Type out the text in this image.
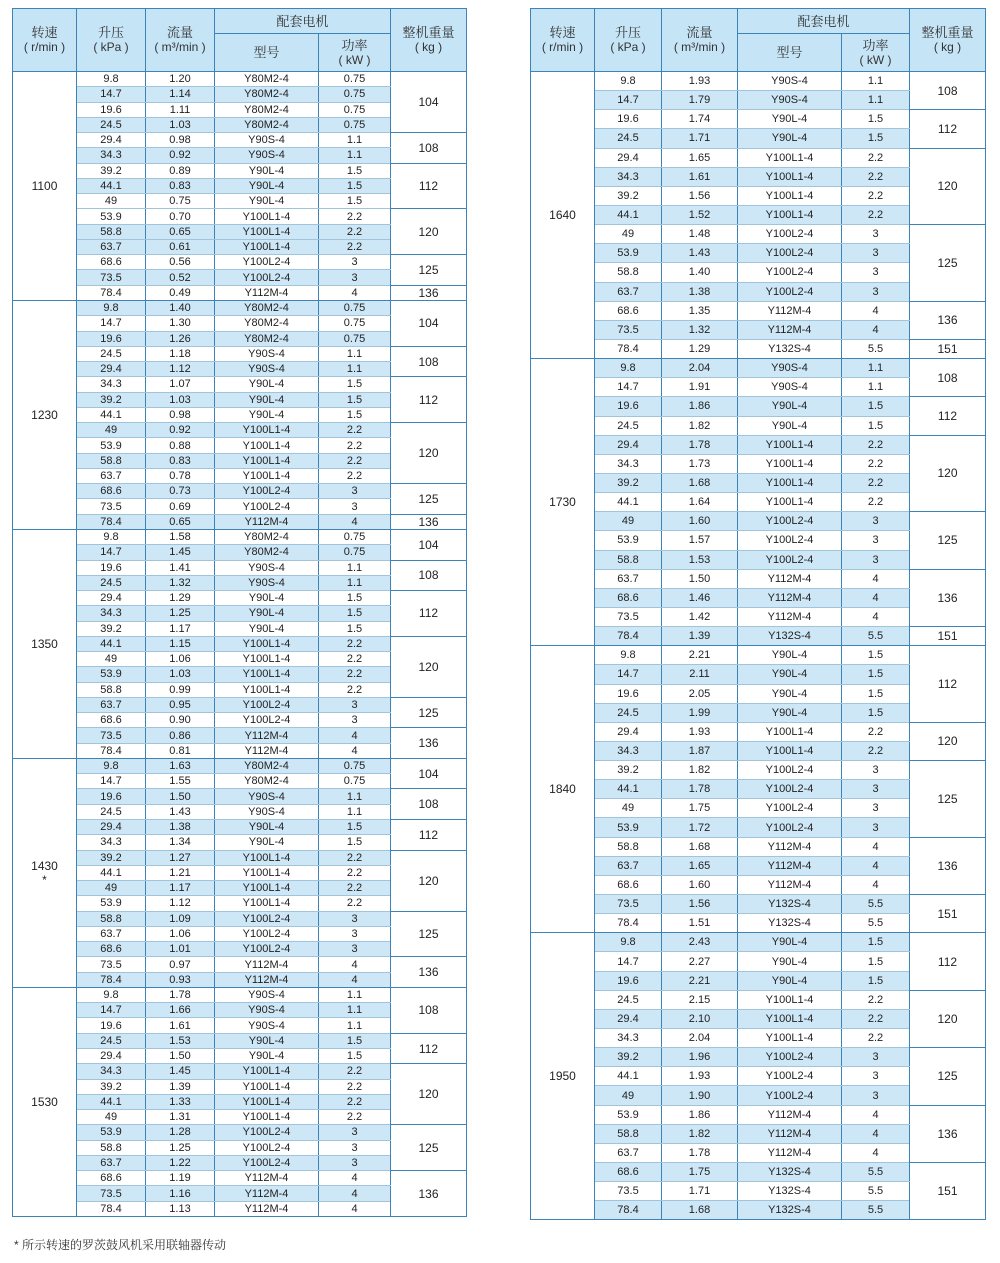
转速
( r/min )	升压
( kPa )	流量
( m³/min )	配套电机		整机重量
( kg )

			型号	功率
( kW )	

1100	9.8	1.20	Y80M2-4	0.75	104
	14.7	1.14	Y80M2-4	0.75	
	19.6	1.11	Y80M2-4	0.75	
	24.5	1.03	Y80M2-4	0.75	
	29.4	0.98	Y90S-4	1.1	108
	34.3	0.92	Y90S-4	1.1	
	39.2	0.89	Y90L-4	1.5	112
	44.1	0.83	Y90L-4	1.5	
	49	0.75	Y90L-4	1.5	
	53.9	0.70	Y100L1-4	2.2	120
	58.8	0.65	Y100L1-4	2.2	
	63.7	0.61	Y100L1-4	2.2	
	68.6	0.56	Y100L2-4	3	125
	73.5	0.52	Y100L2-4	3	
	78.4	0.49	Y112M-4	4	136
1230	9.8	1.40	Y80M2-4	0.75	104
	14.7	1.30	Y80M2-4	0.75	
	19.6	1.26	Y80M2-4	0.75	
	24.5	1.18	Y90S-4	1.1	108
	29.4	1.12	Y90S-4	1.1	
	34.3	1.07	Y90L-4	1.5	112
	39.2	1.03	Y90L-4	1.5	
	44.1	0.98	Y90L-4	1.5	
	49	0.92	Y100L1-4	2.2	120
	53.9	0.88	Y100L1-4	2.2	
	58.8	0.83	Y100L1-4	2.2	
	63.7	0.78	Y100L1-4	2.2	
	68.6	0.73	Y100L2-4	3	125
	73.5	0.69	Y100L2-4	3	
	78.4	0.65	Y112M-4	4	136
1350	9.8	1.58	Y80M2-4	0.75	104
	14.7	1.45	Y80M2-4	0.75	
	19.6	1.41	Y90S-4	1.1	108
	24.5	1.32	Y90S-4	1.1	
	29.4	1.29	Y90L-4	1.5	112
	34.3	1.25	Y90L-4	1.5	
	39.2	1.17	Y90L-4	1.5	
	44.1	1.15	Y100L1-4	2.2	120
	49	1.06	Y100L1-4	2.2	
	53.9	1.03	Y100L1-4	2.2	
	58.8	0.99	Y100L1-4	2.2	
	63.7	0.95	Y100L2-4	3	125
	68.6	0.90	Y100L2-4	3	
	73.5	0.86	Y112M-4	4	136
	78.4	0.81	Y112M-4	4	
1430
*	9.8	1.63	Y80M2-4	0.75	104
	14.7	1.55	Y80M2-4	0.75	
	19.6	1.50	Y90S-4	1.1	108
	24.5	1.43	Y90S-4	1.1	
	29.4	1.38	Y90L-4	1.5	112
	34.3	1.34	Y90L-4	1.5	
	39.2	1.27	Y100L1-4	2.2	120
	44.1	1.21	Y100L1-4	2.2	
	49	1.17	Y100L1-4	2.2	
	53.9	1.12	Y100L1-4	2.2	
	58.8	1.09	Y100L2-4	3	125
	63.7	1.06	Y100L2-4	3	
	68.6	1.01	Y100L2-4	3	
	73.5	0.97	Y112M-4	4	136
	78.4	0.93	Y112M-4	4	
1530	9.8	1.78	Y90S-4	1.1	108
	14.7	1.66	Y90S-4	1.1	
	19.6	1.61	Y90S-4	1.1	
	24.5	1.53	Y90L-4	1.5	112
	29.4	1.50	Y90L-4	1.5	
	34.3	1.45	Y100L1-4	2.2	120
	39.2	1.39	Y100L1-4	2.2	
	44.1	1.33	Y100L1-4	2.2	
	49	1.31	Y100L1-4	2.2	
	53.9	1.28	Y100L2-4	3	125
	58.8	1.25	Y100L2-4	3	
	63.7	1.22	Y100L2-4	3	
	68.6	1.19	Y112M-4	4	136
	73.5	1.16	Y112M-4	4	
	78.4	1.13	Y112M-4	4	
转速
( r/min )	升压
( kPa )	流量
( m³/min )	配套电机		整机重量
( kg )

			型号	功率
( kW )	

1640	9.8	1.93	Y90S-4	1.1	108
	14.7	1.79	Y90S-4	1.1	
	19.6	1.74	Y90L-4	1.5	112
	24.5	1.71	Y90L-4	1.5	
	29.4	1.65	Y100L1-4	2.2	120
	34.3	1.61	Y100L1-4	2.2	
	39.2	1.56	Y100L1-4	2.2	
	44.1	1.52	Y100L1-4	2.2	
	49	1.48	Y100L2-4	3	125
	53.9	1.43	Y100L2-4	3	
	58.8	1.40	Y100L2-4	3	
	63.7	1.38	Y100L2-4	3	
	68.6	1.35	Y112M-4	4	136
	73.5	1.32	Y112M-4	4	
	78.4	1.29	Y132S-4	5.5	151
1730	9.8	2.04	Y90S-4	1.1	108
	14.7	1.91	Y90S-4	1.1	
	19.6	1.86	Y90L-4	1.5	112
	24.5	1.82	Y90L-4	1.5	
	29.4	1.78	Y100L1-4	2.2	120
	34.3	1.73	Y100L1-4	2.2	
	39.2	1.68	Y100L1-4	2.2	
	44.1	1.64	Y100L1-4	2.2	
	49	1.60	Y100L2-4	3	125
	53.9	1.57	Y100L2-4	3	
	58.8	1.53	Y100L2-4	3	
	63.7	1.50	Y112M-4	4	136
	68.6	1.46	Y112M-4	4	
	73.5	1.42	Y112M-4	4	
	78.4	1.39	Y132S-4	5.5	151
1840	9.8	2.21	Y90L-4	1.5	112
	14.7	2.11	Y90L-4	1.5	
	19.6	2.05	Y90L-4	1.5	
	24.5	1.99	Y90L-4	1.5	
	29.4	1.93	Y100L1-4	2.2	120
	34.3	1.87	Y100L1-4	2.2	
	39.2	1.82	Y100L2-4	3	125
	44.1	1.78	Y100L2-4	3	
	49	1.75	Y100L2-4	3	
	53.9	1.72	Y100L2-4	3	
	58.8	1.68	Y112M-4	4	136
	63.7	1.65	Y112M-4	4	
	68.6	1.60	Y112M-4	4	
	73.5	1.56	Y132S-4	5.5	151
	78.4	1.51	Y132S-4	5.5	
1950	9.8	2.43	Y90L-4	1.5	112
	14.7	2.27	Y90L-4	1.5	
	19.6	2.21	Y90L-4	1.5	
	24.5	2.15	Y100L1-4	2.2	120
	29.4	2.10	Y100L1-4	2.2	
	34.3	2.04	Y100L1-4	2.2	
	39.2	1.96	Y100L2-4	3	125
	44.1	1.93	Y100L2-4	3	
	49	1.90	Y100L2-4	3	
	53.9	1.86	Y112M-4	4	136
	58.8	1.82	Y112M-4	4	
	63.7	1.78	Y112M-4	4	
	68.6	1.75	Y132S-4	5.5	151
	73.5	1.71	Y132S-4	5.5	
	78.4	1.68	Y132S-4	5.5	
* 所示转速的罗茨鼓风机采用联轴器传动
